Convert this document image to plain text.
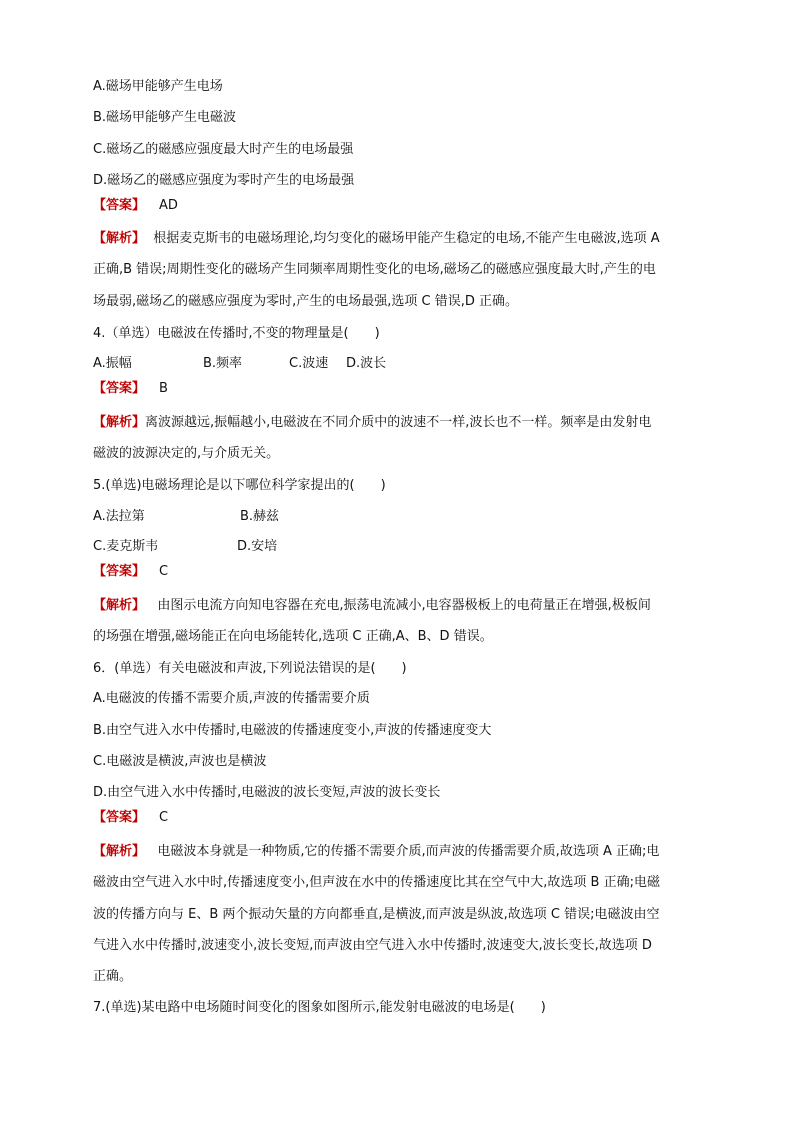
A.磁场甲能够产生电场
B.磁场甲能够产生电磁波
C.磁场乙的磁感应强度最大时产生的电场最强
D.磁场乙的磁感应强度为零时产生的电场最强
【答案】 AD
【解析】 根据麦克斯韦的电磁场理论,均匀变化的磁场甲能产生稳定的电场,不能产生电磁波,选项 A
正确,B 错误;周期性变化的磁场产生同频率周期性变化的电场,磁场乙的磁感应强度最大时,产生的电
场最弱,磁场乙的磁感应强度为零时,产生的电场最强,选项 C 错误,D 正确。
4.（单选）电磁波在传播时,不变的物理量是(　　)
A.振幅	B.频率	C.波速 D.波长
【答案】 B
【解析】离波源越远,振幅越小,电磁波在不同介质中的波速不一样,波长也不一样。频率是由发射电
磁波的波源决定的,与介质无关。
5.(单选)电磁场理论是以下哪位科学家提出的(　　)
A.法拉第	B.赫兹
C.麦克斯韦	D.安培
【答案】 C
【解析】 由图示电流方向知电容器在充电,振荡电流减小,电容器极板上的电荷量正在增强,极板间
的场强在增强,磁场能正在向电场能转化,选项 C 正确,A、B、D 错误。
6．(单选）有关电磁波和声波,下列说法错误的是(　　)
A.电磁波的传播不需要介质,声波的传播需要介质
B.由空气进入水中传播时,电磁波的传播速度变小,声波的传播速度变大
C.电磁波是横波,声波也是横波
D.由空气进入水中传播时,电磁波的波长变短,声波的波长变长
【答案】 C
【解析】 电磁波本身就是一种物质,它的传播不需要介质,而声波的传播需要介质,故选项 A 正确;电
磁波由空气进入水中时,传播速度变小,但声波在水中的传播速度比其在空气中大,故选项 B 正确;电磁
波的传播方向与 E、B 两个振动矢量的方向都垂直,是横波,而声波是纵波,故选项 C 错误;电磁波由空
气进入水中传播时,波速变小,波长变短,而声波由空气进入水中传播时,波速变大,波长变长,故选项 D
正确。
7.(单选)某电路中电场随时间变化的图象如图所示,能发射电磁波的电场是(　　)
